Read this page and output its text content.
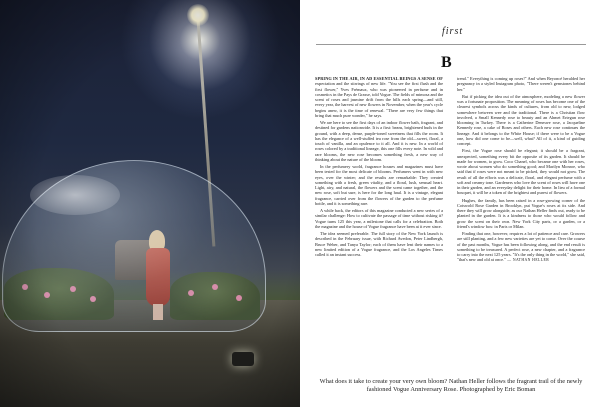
first
B

SPRING IN THE AIR, IN AD ESSENTIAL BEINGS A SENSE OF expectation and the stirrings of new life. "You see the first flush and the first flower," Yves Frémaux, who was pioneered in perfume and in cosmetics in the Pays de Grasse, told Vogue. The fields of mimosa and the scent of roses and jasmine drift from the hills each spring—and still, every year, the harvest of new flowers in November, when the year's cycle begins anew, it is the time of renewal. "There are very few things that bring that much pure wonder," he says.

We are here to see the first days of an indoor flower bath, fragrant, and destined for gardens nationwide. It is a first: beans, brightened buds in the ground, with a deep, dense, purple-toned sweetness that fills the room. It has the elegance of a well-stuffed tea rose from the old—sweet, floral, a touch of vanilla, and an opulence to it all. And it is new. In a world of roses colored by a traditional lineage, this one fills every note. In wild and rare blooms, the new rose becomes something fresh, a new way of thinking about the nature of the bloom.

In the perfumery world, fragrance houses and magazines must have been tested for the most delicate of blooms. Perfumers went in with new eyes, over the winter; and the results are remarkable: They created something with a fresh, green vitality, and a floral, lush, sensual heart. Light, airy, and natural, the flowers and the scent came together, and the new rose, soft but sure, is here for the long haul. It is a vintage, elegant fragrance, carried over from the flowers of the garden to the perfume bottle, and it is something rare.

A while back, the editors of this magazine conducted a new series of a similar challenge: How to cultivate the passage of time without risking it? Vogue turns 125 this year, a milestone that calls for a celebration. Both the magazine and the house of Vogue fragrance have been at it ever since.

The idea seemed preferable. The full story of the New York launch is described in the February issue, with Richard Avedon, Peter Lindbergh, Bruce Weber, and Tanya Taylor; each of them have lent their names to a new limited edition of a Vogue fragrance, and the Los Angeles Times called it an instant success.

trend." Everything is coming up roses!" And when Beyoncé heralded her pregnancy in a styled Instagram photo, "There weren't gemstones behind her."

But if picking the idea out of the atmosphere, modeling a new flower was a fortunate proposition. The meaning of roses has become one of the clearest symbols across the kinds of cultures, from old to new, lodged somewhere between wee and the traditional. There is a Christian flow involved, a Small Kennedy rose to beauty and an Ahmet Ertegun rose blooming in Turkey. There is a Catherine Deneuve rose, a Jacqueline Kennedy rose, a cake of Roses and others. Each new rose continues the lineage. And it belongs to the White House; if there were to be a Vogue one, how did one come to be—well, what? All of it, a kind of guiding concept.

First, the Vogue rose should be elegant; it should be a fragrant, unexpected, something every bit the opposite of its garden. It should be made for women, to grow. Coco Chanel, who became one with her roses, wrote about women who do something good; and Marilyn Monroe, who said that if roses were not meant to be picked, they would not grow. The result of all the efforts was a delicate, floral, and elegant perfume with a soft and creamy tone. Gardeners who love the scent of roses will have one in their garden, and an everyday delight for their home. In lieu of a formal bouquet, it will be a token of the brightest and purest of flowers.

Hughes, the family, has been raised in a rose-growing corner of the Cotswold Rose Garden in Brooklyn, put Vogue's roses at its side. And there they will grow alongside, as our Nathan Heller finds out, ready to be planted in the garden. It is a kindness to those who would follow and grow the scent on their own. New York City parts, or a garden, or a friend's window box: in Paris or Milan.

Finding that one, however, requires a lot of patience and care. Growers are still planting, and a few new varieties are yet to come. Over the course of the past months, Vogue has been following along, and the end result is something to be treasured. A perfect rose, a new chapter, and a fragrance to carry into the next 125 years. "It's the only thing in the world," she said, "that's new and old at once." — NATHAN HELLER

What does it take to create your very own bloom? Nathan Heller follows the fragrant trail of the newly fashioned Vogue Anniversary Rose. Photographed by Eric Boman
